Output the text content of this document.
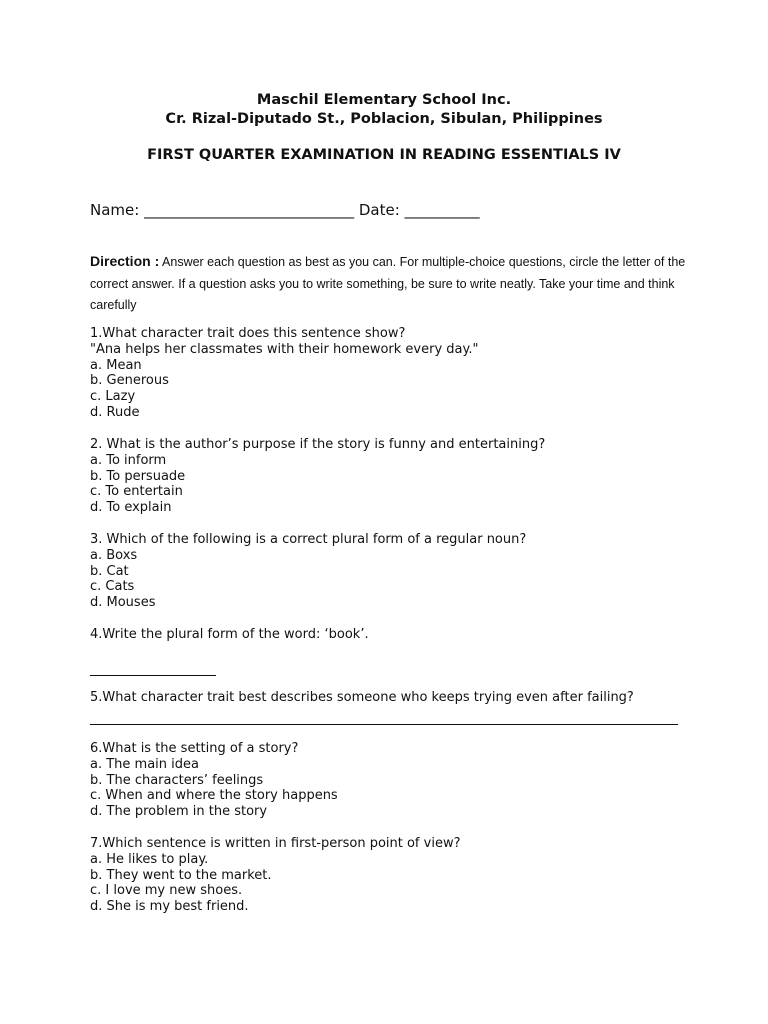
Maschil Elementary School Inc.
Cr. Rizal-Diputado St., Poblacion, Sibulan, Philippines
FIRST QUARTER EXAMINATION IN READING ESSENTIALS IV
Name: ____________________________ Date: __________
Direction : Answer each question as best as you can. For multiple-choice questions, circle the letter of the correct answer. If a question asks you to write something, be sure to write neatly. Take your time and think carefully
1.What character trait does this sentence show?
"Ana helps her classmates with their homework every day."
a. Mean
b. Generous
c. Lazy
d. Rude
2. What is the author’s purpose if the story is funny and entertaining?
a. To inform
b. To persuade
c. To entertain
d. To explain
3. Which of the following is a correct plural form of a regular noun?
a. Boxs
b. Cat
c. Cats
d. Mouses
4.Write the plural form of the word: ‘book’.
5.What character trait best describes someone who keeps trying even after failing?
6.What is the setting of a story?
a. The main idea
b. The characters’ feelings
c. When and where the story happens
d. The problem in the story
7.Which sentence is written in first-person point of view?
a. He likes to play.
b. They went to the market.
c. I love my new shoes.
d. She is my best friend.
